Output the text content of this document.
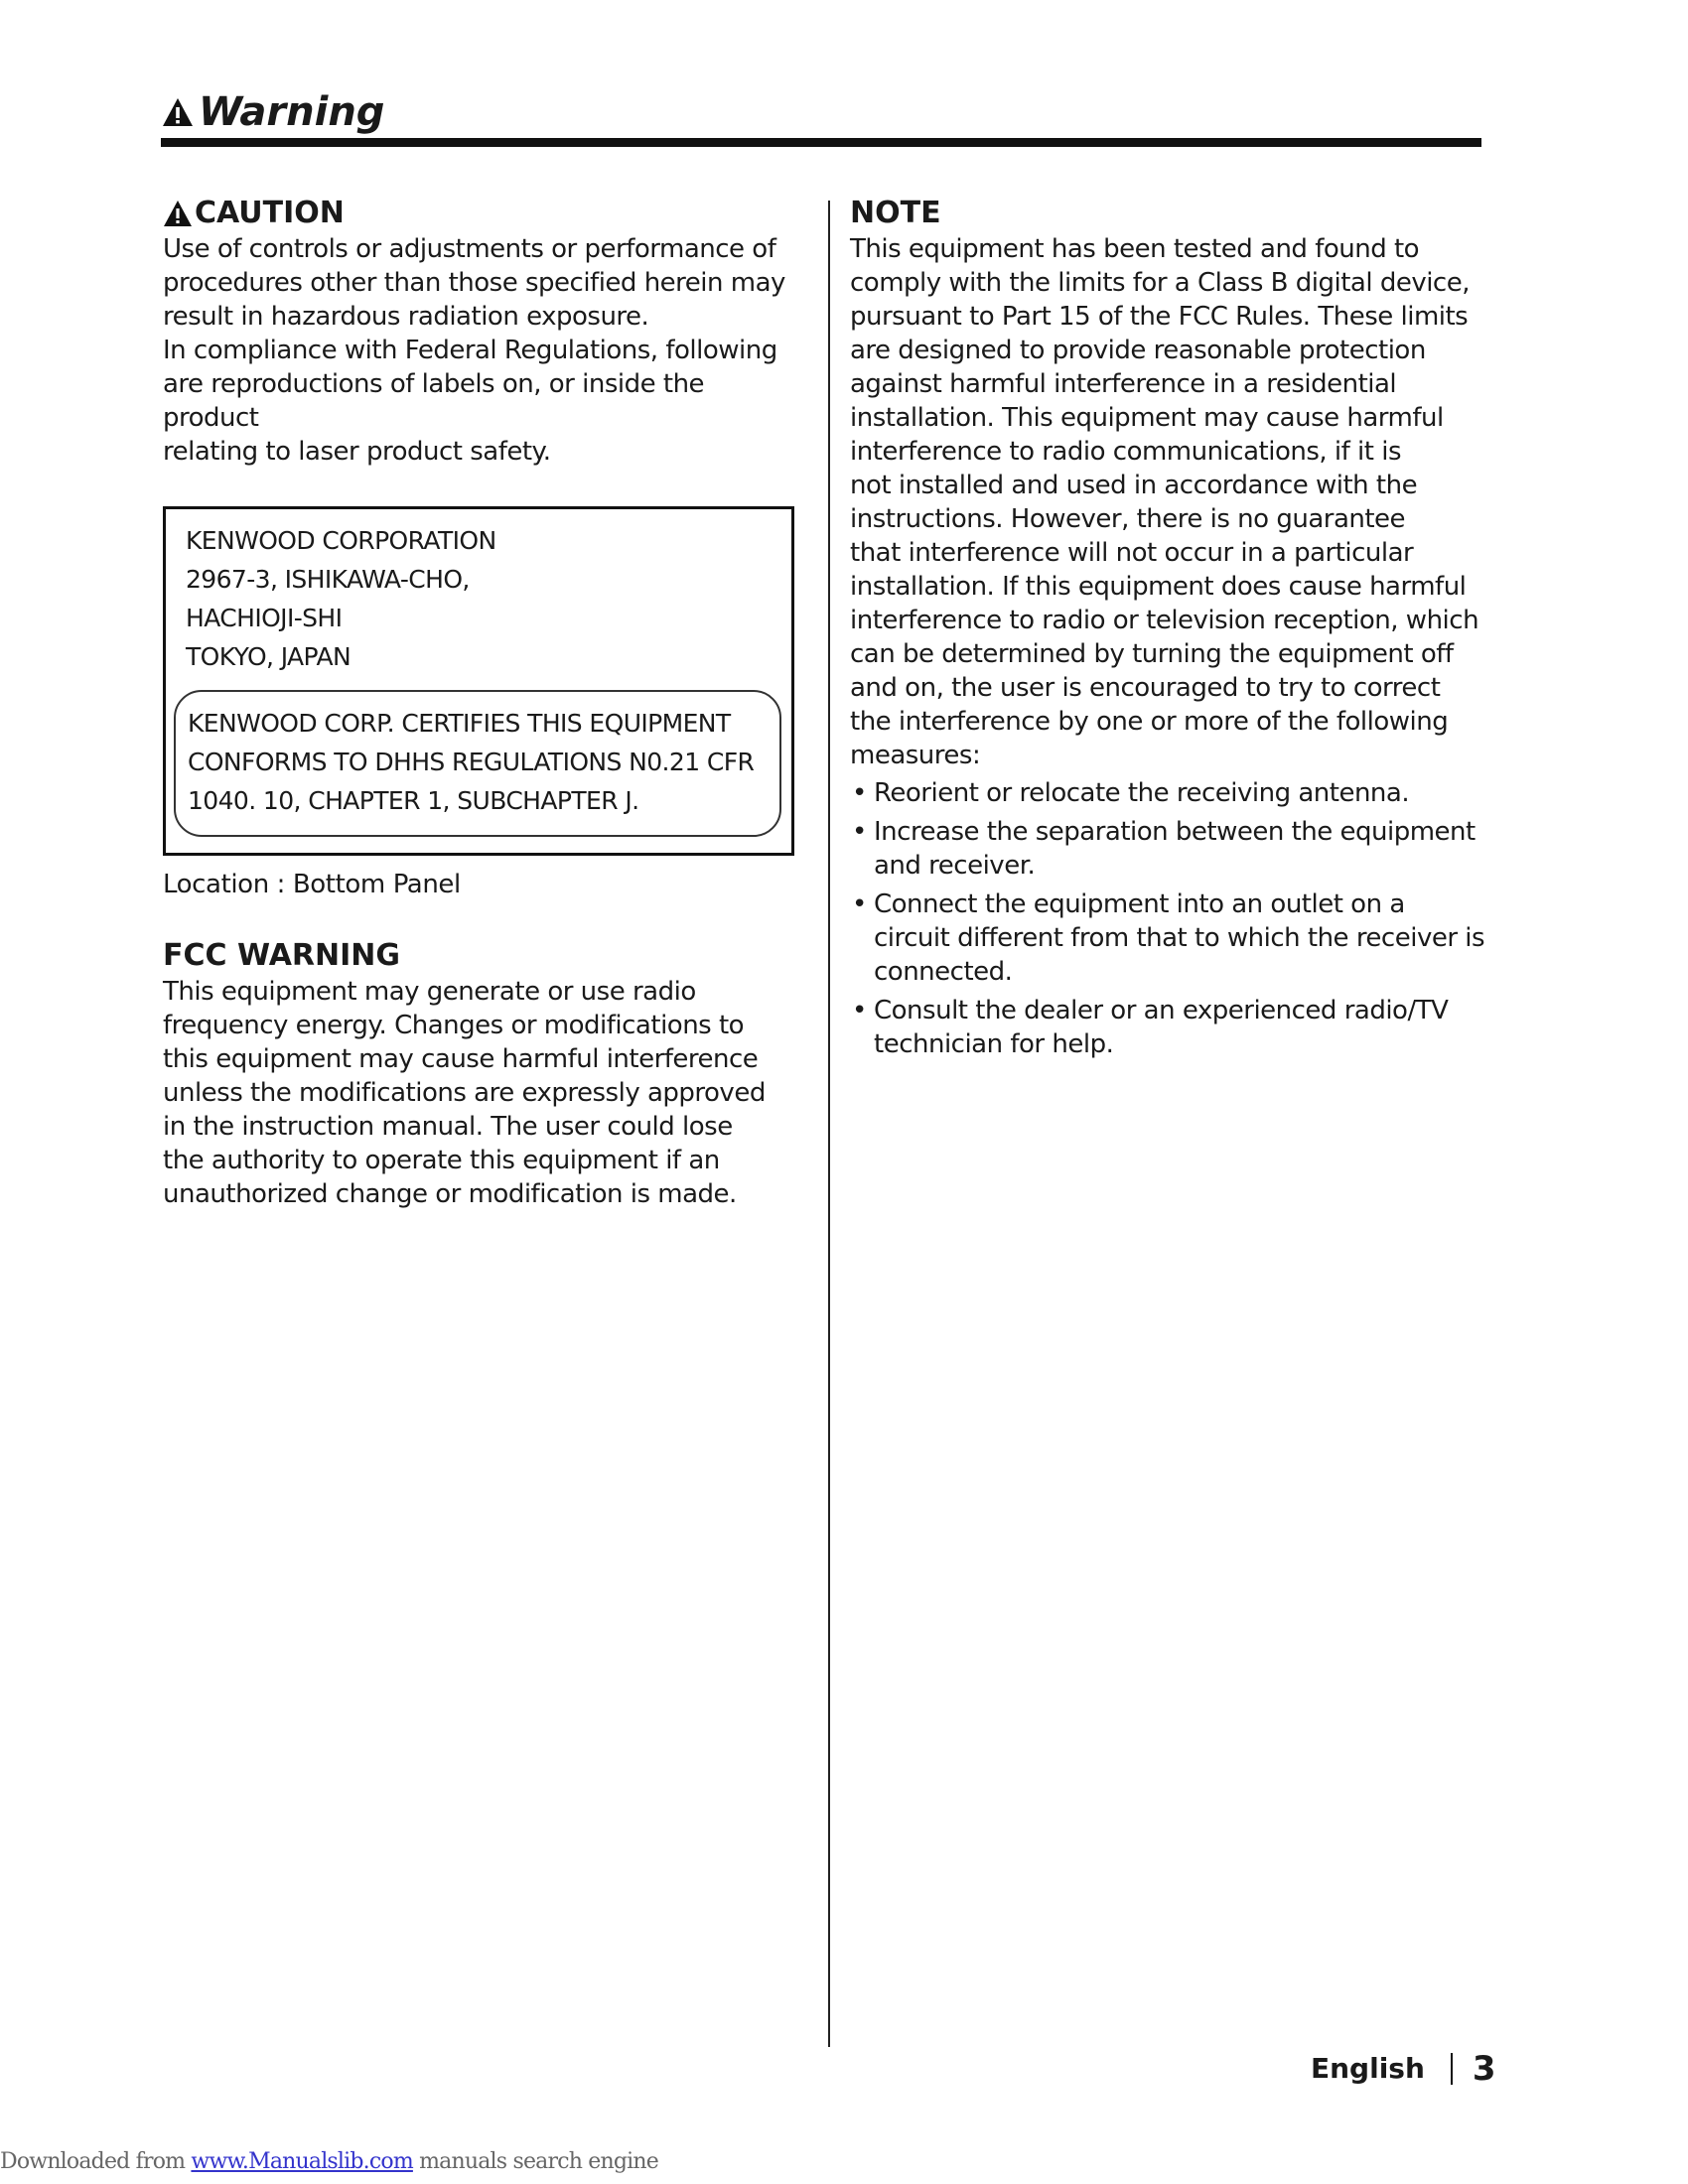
Warning
CAUTION

Use of controls or adjustments or performance of

procedures other than those specified herein may

result in hazardous radiation exposure.

In compliance with Federal Regulations, following

are reproductions of labels on, or inside the product

relating to laser product safety.

KENWOOD CORPORATION
2967-3, ISHIKAWA-CHO,
HACHIOJI-SHI
TOKYO, JAPAN
KENWOOD CORP. CERTIFIES THIS EQUIPMENT
CONFORMS TO DHHS REGULATIONS N0.21 CFR
1040. 10, CHAPTER 1, SUBCHAPTER J.

Location : Bottom Panel

FCC WARNING

This equipment may generate or use radio

frequency energy. Changes or modifications to

this equipment may cause harmful interference

unless the modifications are expressly approved

in the instruction manual. The user could lose

the authority to operate this equipment if an

unauthorized change or modification is made.

NOTE

This equipment has been tested and found to

comply with the limits for a Class B digital device,

pursuant to Part 15 of the FCC Rules. These limits

are designed to provide reasonable protection

against harmful interference in a residential

installation. This equipment may cause harmful

interference to radio communications, if it is

not installed and used in accordance with the

instructions. However, there is no guarantee

that interference will not occur in a particular

installation. If this equipment does cause harmful

interference to radio or television reception, which

can be determined by turning the equipment off

and on, the user is encouraged to try to correct

the interference by one or more of the following

measures:

• Reorient or relocate the receiving antenna.
• Increase the separation between the equipment
and receiver.
• Connect the equipment into an outlet on a
circuit different from that to which the receiver is
connected.
• Consult the dealer or an experienced radio/TV
technician for help.
English 3
Downloaded from www.Manualslib.com manuals search engine
